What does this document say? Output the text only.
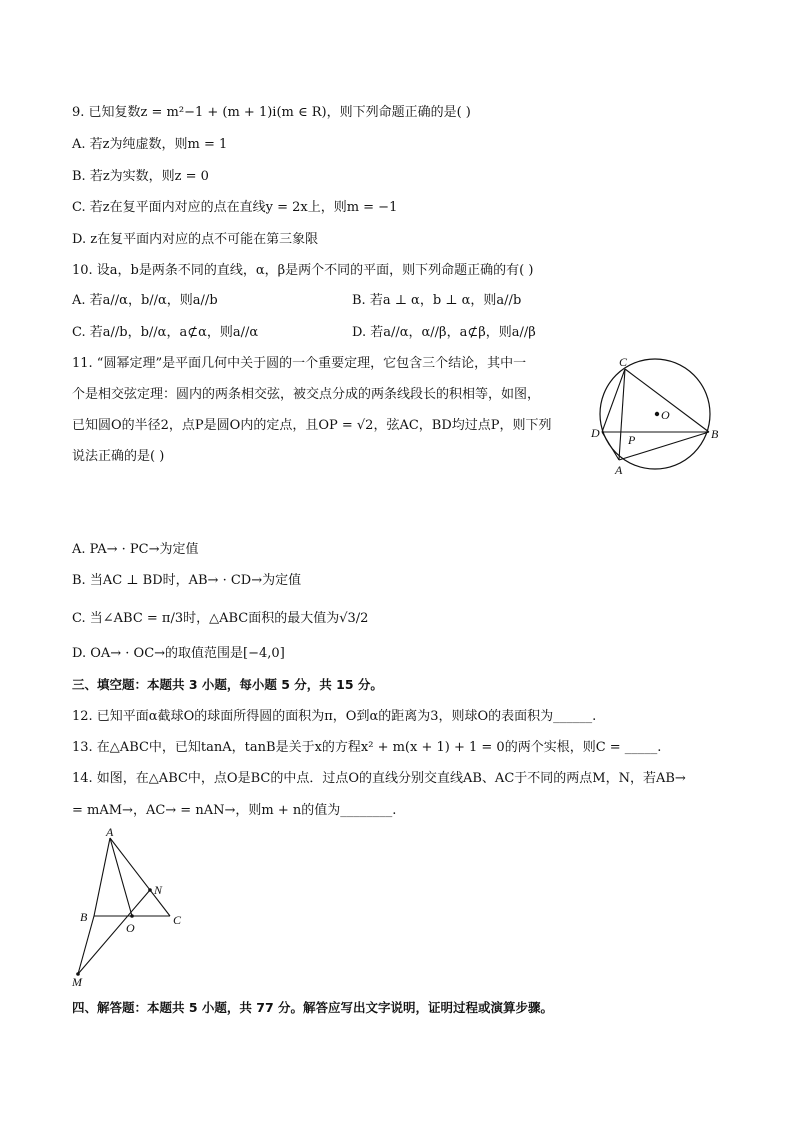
9. 已知复数z = m²−1 + (m + 1)i(m ∈ R)，则下列命题正确的是( )
A. 若z为纯虚数，则m = 1
B. 若z为实数，则z = 0
C. 若z在复平面内对应的点在直线y = 2x上，则m = −1
D. z在复平面内对应的点不可能在第三象限
10. 设a，b是两条不同的直线，α，β是两个不同的平面，则下列命题正确的有( )
A. 若a//α，b//α，则a//b	B. 若a ⊥ α，b ⊥ α，则a//b
C. 若a//b，b//α，a⊄α，则a//α	D. 若a//α，α//β，a⊄β，则a//β
11. “圆幂定理”是平面几何中关于圆的一个重要定理，它包含三个结论，其中一
个是相交弦定理：圆内的两条相交弦，被交点分成的两条线段长的积相等，如图，
已知圆O的半径2，点P是圆O内的定点，且OP = √2，弦AC，BD均过点P，则下列
说法正确的是( )
C
O
D P	B
A
A. PA→ · PC→为定值
B. 当AC ⊥ BD时，AB→ · CD→为定值
C. 当∠ABC = π/3时，△ABC面积的最大值为√3/2
D. OA→ · OC→的取值范围是[−4,0]
三、填空题：本题共 3 小题，每小题 5 分，共 15 分。
12. 已知平面α截球O的球面所得圆的面积为π，O到α的距离为3，则球O的表面积为______.
13. 在△ABC中，已知tanA，tanB是关于x的方程x² + m(x + 1) + 1 = 0的两个实根，则C = _____.
14. 如图，在△ABC中，点O是BC的中点．过点O的直线分别交直线AB、AC于不同的两点M，N，若AB→
= mAM→，AC→ = nAN→，则m + n的值为________.
A
N
B
O
C
M
四、解答题：本题共 5 小题，共 77 分。解答应写出文字说明，证明过程或演算步骤。
